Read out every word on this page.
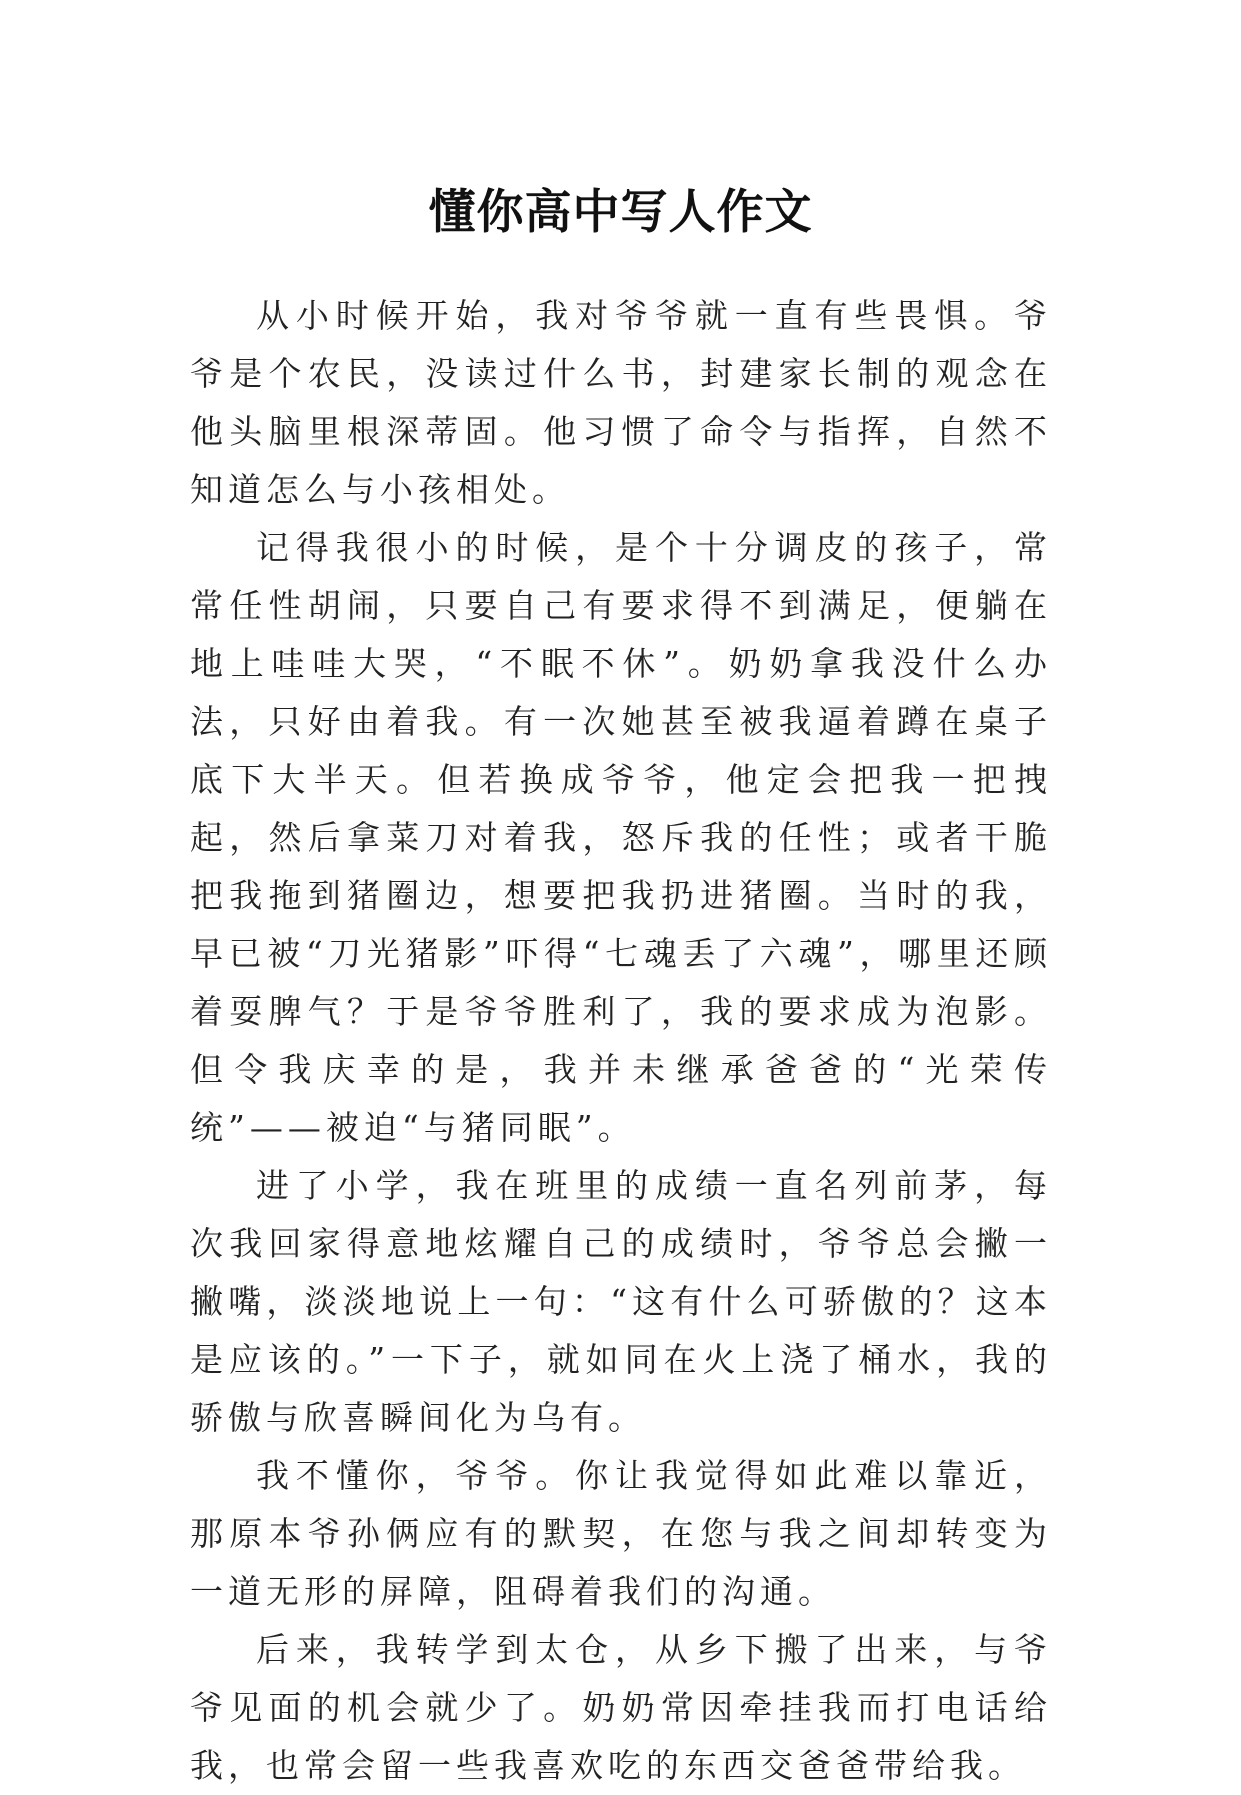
懂你高中写人作文

从小时候开始，我对爷爷就一直有些畏惧。爷爷是个农民，没读过什么书，封建家长制的观念在他头脑里根深蒂固。他习惯了命令与指挥，自然不知道怎么与小孩相处。

记得我很小的时候，是个十分调皮的孩子，常常任性胡闹，只要自己有要求得不到满足，便躺在地上哇哇大哭，“不眠不休”。奶奶拿我没什么办法，只好由着我。有一次她甚至被我逼着蹲在桌子底下大半天。但若换成爷爷，他定会把我一把拽起，然后拿菜刀对着我，怒斥我的任性；或者干脆把我拖到猪圈边，想要把我扔进猪圈。当时的我，早已被“刀光猪影”吓得“七魂丢了六魂”，哪里还顾着耍脾气？于是爷爷胜利了，我的要求成为泡影。但令我庆幸的是，我并未继承爸爸的“光荣传统”——被迫“与猪同眠”。

进了小学，我在班里的成绩一直名列前茅，每次我回家得意地炫耀自己的成绩时，爷爷总会撇一撇嘴，淡淡地说上一句：“这有什么可骄傲的？这本是应该的。”一下子，就如同在火上浇了桶水，我的骄傲与欣喜瞬间化为乌有。

我不懂你，爷爷。你让我觉得如此难以靠近，那原本爷孙俩应有的默契，在您与我之间却转变为一道无形的屏障，阻碍着我们的沟通。

后来，我转学到太仓，从乡下搬了出来，与爷爷见面的机会就少了。奶奶常因牵挂我而打电话给我，也常会留一些我喜欢吃的东西交爸爸带给我。
